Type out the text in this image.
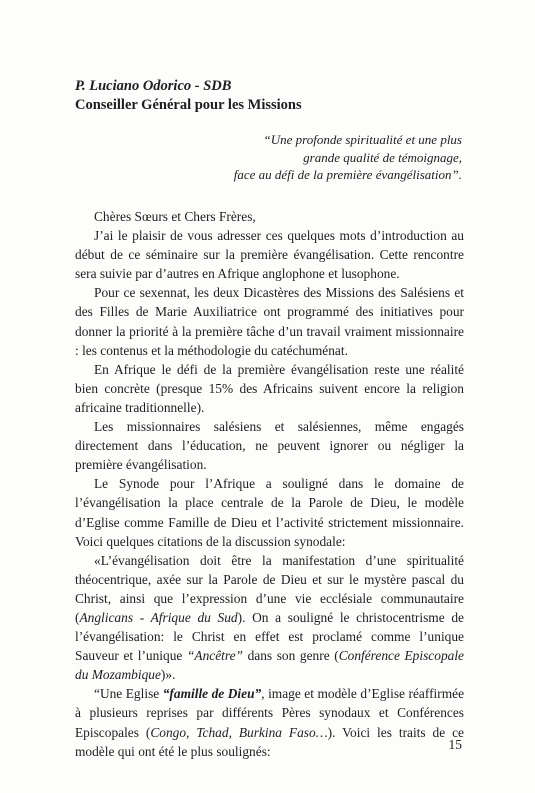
P. Luciano Odorico - SDB

Conseiller Général pour les Missions

“Une profonde spiritualité et une plus
grande qualité de témoignage,
face au défi de la première évangélisation”.

Chères Sœurs et Chers Frères,

J’ai le plaisir de vous adresser ces quelques mots d’introduction au début de ce séminaire sur la première évangélisation. Cette rencontre sera suivie par d’autres en Afrique anglophone et lusophone.

Pour ce sexennat, les deux Dicastères des Missions des Salésiens et des Filles de Marie Auxiliatrice ont programmé des initiatives pour donner la priorité à la première tâche d’un travail vraiment missionnaire : les contenus et la méthodologie du catéchuménat.

En Afrique le défi de la première évangélisation reste une réalité bien concrète (presque 15% des Africains suivent encore la religion africaine traditionnelle).

Les missionnaires salésiens et salésiennes, même engagés directement dans l’éducation, ne peuvent ignorer ou négliger la première évangélisation.

Le Synode pour l’Afrique a souligné dans le domaine de l’évangélisation la place centrale de la Parole de Dieu, le modèle d’Eglise comme Famille de Dieu et l’activité strictement missionnaire. Voici quelques citations de la discussion synodale:

«L’évangélisation doit être la manifestation d’une spiritualité théocentrique, axée sur la Parole de Dieu et sur le mystère pascal du Christ, ainsi que l’expression d’une vie ecclésiale communautaire (Anglicans - Afrique du Sud). On a souligné le christocentrisme de l’évangélisation: le Christ en effet est proclamé comme l’unique Sauveur et l’unique “Ancêtre” dans son genre (Conférence Episcopale du Mozambique)».

“Une Eglise “famille de Dieu”, image et modèle d’Eglise réaffirmée à plusieurs reprises par différents Pères synodaux et Conférences Episcopales (Congo, Tchad, Burkina Faso…). Voici les traits de ce modèle qui ont été le plus soulignés:	15
